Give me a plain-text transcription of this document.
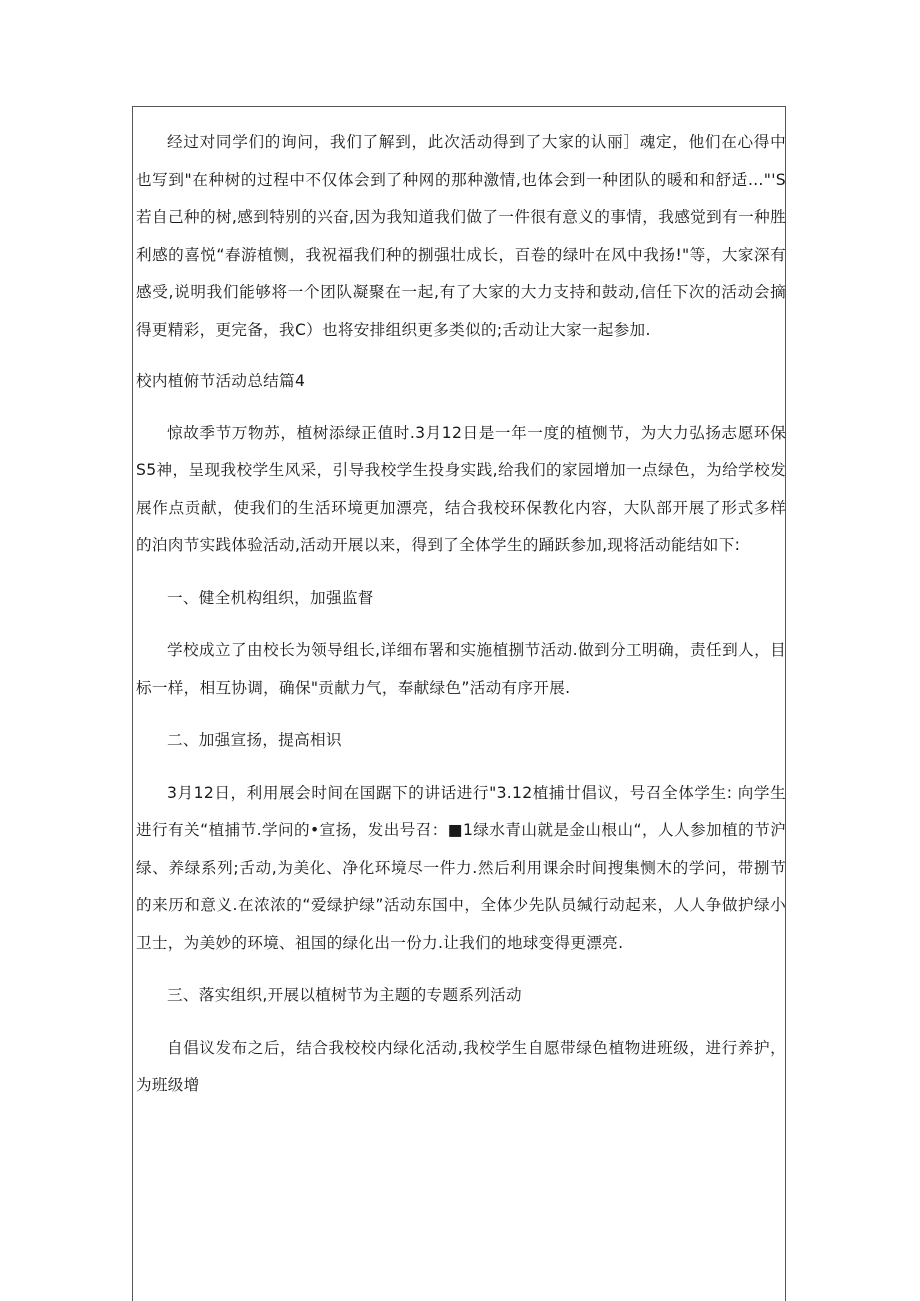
经过对同学们的询问，我们了解到，此次活动得到了大家的认丽］魂定，他们在心得中也写到"在种树的过程中不仅体会到了种网的那种激情,也体会到一种团队的暖和和舒适…"'S若自己种的树,感到特别的兴奋,因为我知道我们做了一件很有意义的事情，我感觉到有一种胜利感的喜悦“春游植恻，我祝福我们种的捌强壮成长，百卷的绿叶在风中我扬!"等，大家深有感受,说明我们能够将一个团队凝聚在一起,有了大家的大力支持和鼓动,信任下次的活动会摘得更精彩，更完备，我C）也将安排组织更多类似的;舌动让大家一起参加.

校内植俯节活动总结篇4

惊故季节万物苏，植树添绿正值时.3月12日是一年一度的植恻节，为大力弘扬志愿环保S5神，呈现我校学生风采，引导我校学生投身实践,给我们的家园增加一点绿色，为给学校发展作点贡献，使我们的生活环境更加漂亮，结合我校环保教化内容，大队部开展了形式多样的泊肉节实践体验活动,活动开展以来，得到了全体学生的踊跃参加,现将活动能结如下:

一、健全机构组织，加强监督

学校成立了由校长为领导组长,详细布署和实施植捌节活动.做到分工明确，责任到人，目标一样，相互协调，确保"贡献力气，奉献绿色”活动有序开展.

二、加强宣扬，提高相识

3月12日，利用展会时间在国踞下的讲话进行"3.12植捕廿倡议，号召全体学生: 向学生进行有关“植捕节.学问的•宣扬，发出号召：■1绿水青山就是金山根山“，人人参加植的节沪绿、养绿系列;舌动,为美化、净化环境尽一件力.然后利用课余时间搜集恻木的学问，带捌节的来历和意义.在浓浓的“爱绿护绿”活动东国中，全体少先队员缄行动起来，人人争做护绿小卫士，为美妙的环境、祖国的绿化出一份力.让我们的地球变得更漂亮.

三、落实组织,开展以植树节为主题的专题系列活动

自倡议发布之后，结合我校校内绿化活动,我校学生自愿带绿色植物进班级，进行养护，为班级增
